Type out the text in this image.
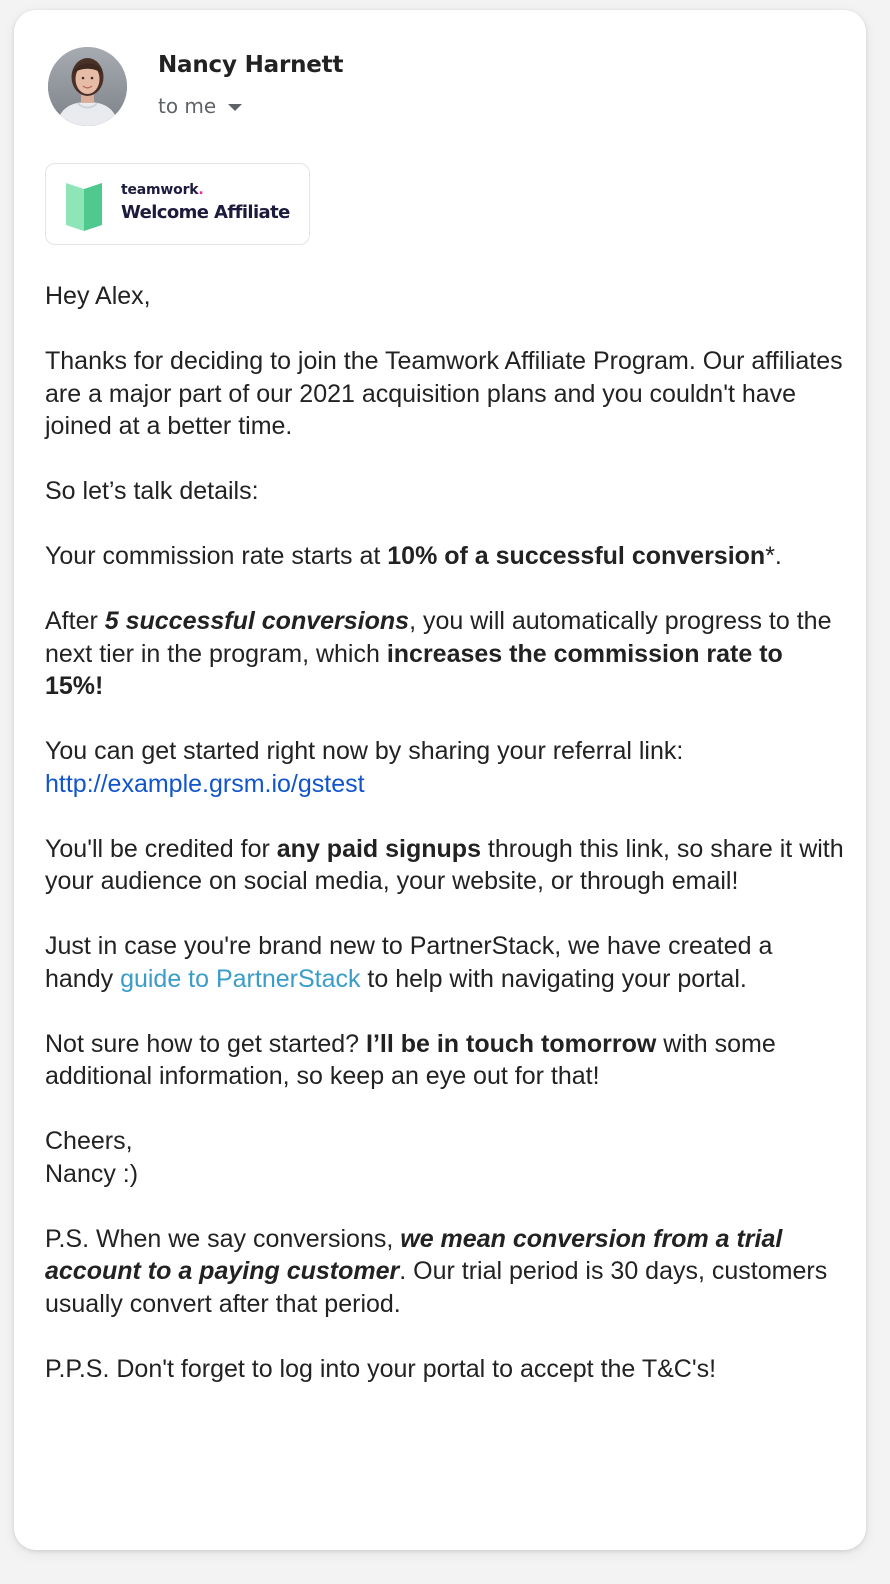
Nancy Harnett
to me
teamwork.
Welcome Affiliate

Hey Alex,

Thanks for deciding to join the Teamwork Affiliate Program. Our affiliates are a major part of our 2021 acquisition plans and you couldn't have joined at a better time.

So let’s talk details:

Your commission rate starts at 10% of a successful conversion*.

After 5 successful conversions, you will automatically progress to the next tier in the program, which increases the commission rate to 15%!

You can get started right now by sharing your referral link:
http://example.grsm.io/gstest

You'll be credited for any paid signups through this link, so share it with your audience on social media, your website, or through email!

Just in case you're brand new to PartnerStack, we have created a handy guide to PartnerStack to help with navigating your portal.

Not sure how to get started? I’ll be in touch tomorrow with some additional information, so keep an eye out for that!

Cheers,
Nancy :)

P.S. When we say conversions, we mean conversion from a trial account to a paying customer. Our trial period is 30 days, customers usually convert after that period.

P.P.S. Don't forget to log into your portal to accept the T&C's!
